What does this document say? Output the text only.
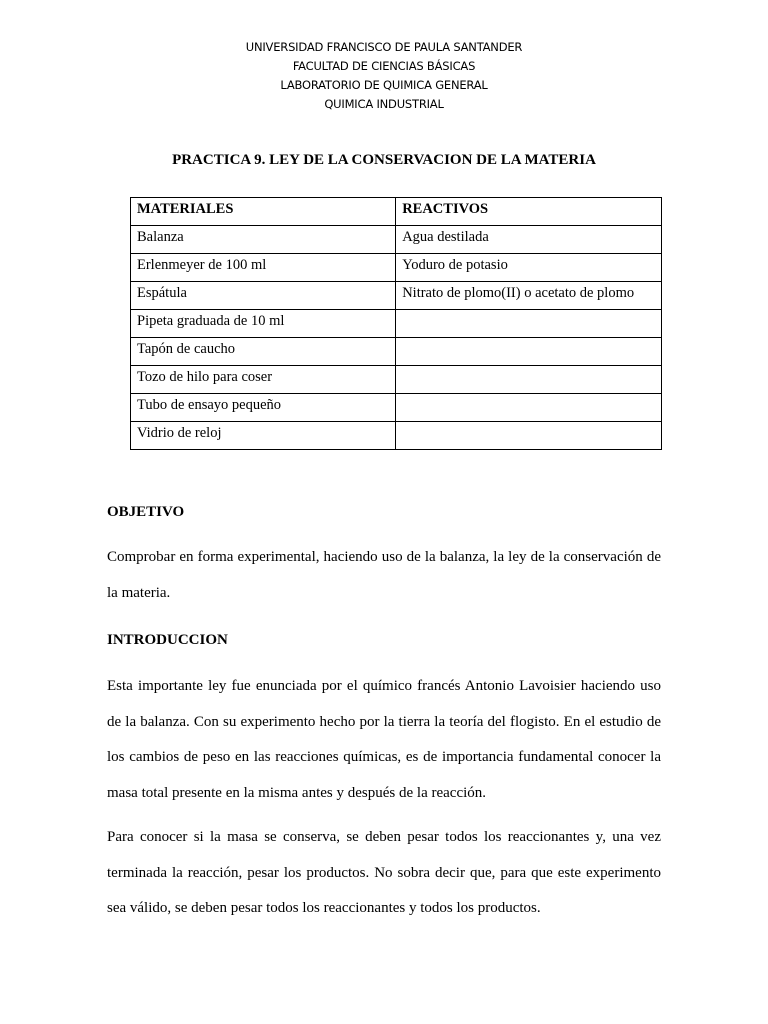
UNIVERSIDAD FRANCISCO DE PAULA SANTANDER
FACULTAD DE CIENCIAS BÁSICAS
LABORATORIO DE QUIMICA GENERAL
QUIMICA INDUSTRIAL
PRACTICA 9. LEY DE LA CONSERVACION DE LA MATERIA
MATERIALES	REACTIVOS
Balanza	Agua destilada
Erlenmeyer de 100 ml	Yoduro de potasio
Espátula	Nitrato de plomo(II) o acetato de plomo
Pipeta graduada de 10 ml	
Tapón de caucho	
Tozo de hilo para coser	
Tubo de ensayo pequeño	
Vidrio de reloj	
OBJETIVO
Comprobar en forma experimental, haciendo uso de la balanza, la ley de la conservación de la materia.
INTRODUCCION
Esta importante ley fue enunciada por el químico francés Antonio Lavoisier haciendo uso de la balanza. Con su experimento hecho por la tierra la teoría del flogisto. En el estudio de los cambios de peso en las reacciones químicas, es de importancia fundamental conocer la masa total presente en la misma antes y después de la reacción.
Para conocer si la masa se conserva, se deben pesar todos los reaccionantes y, una vez terminada la reacción, pesar los productos. No sobra decir que, para que este experimento sea válido, se deben pesar todos los reaccionantes y todos los productos.
